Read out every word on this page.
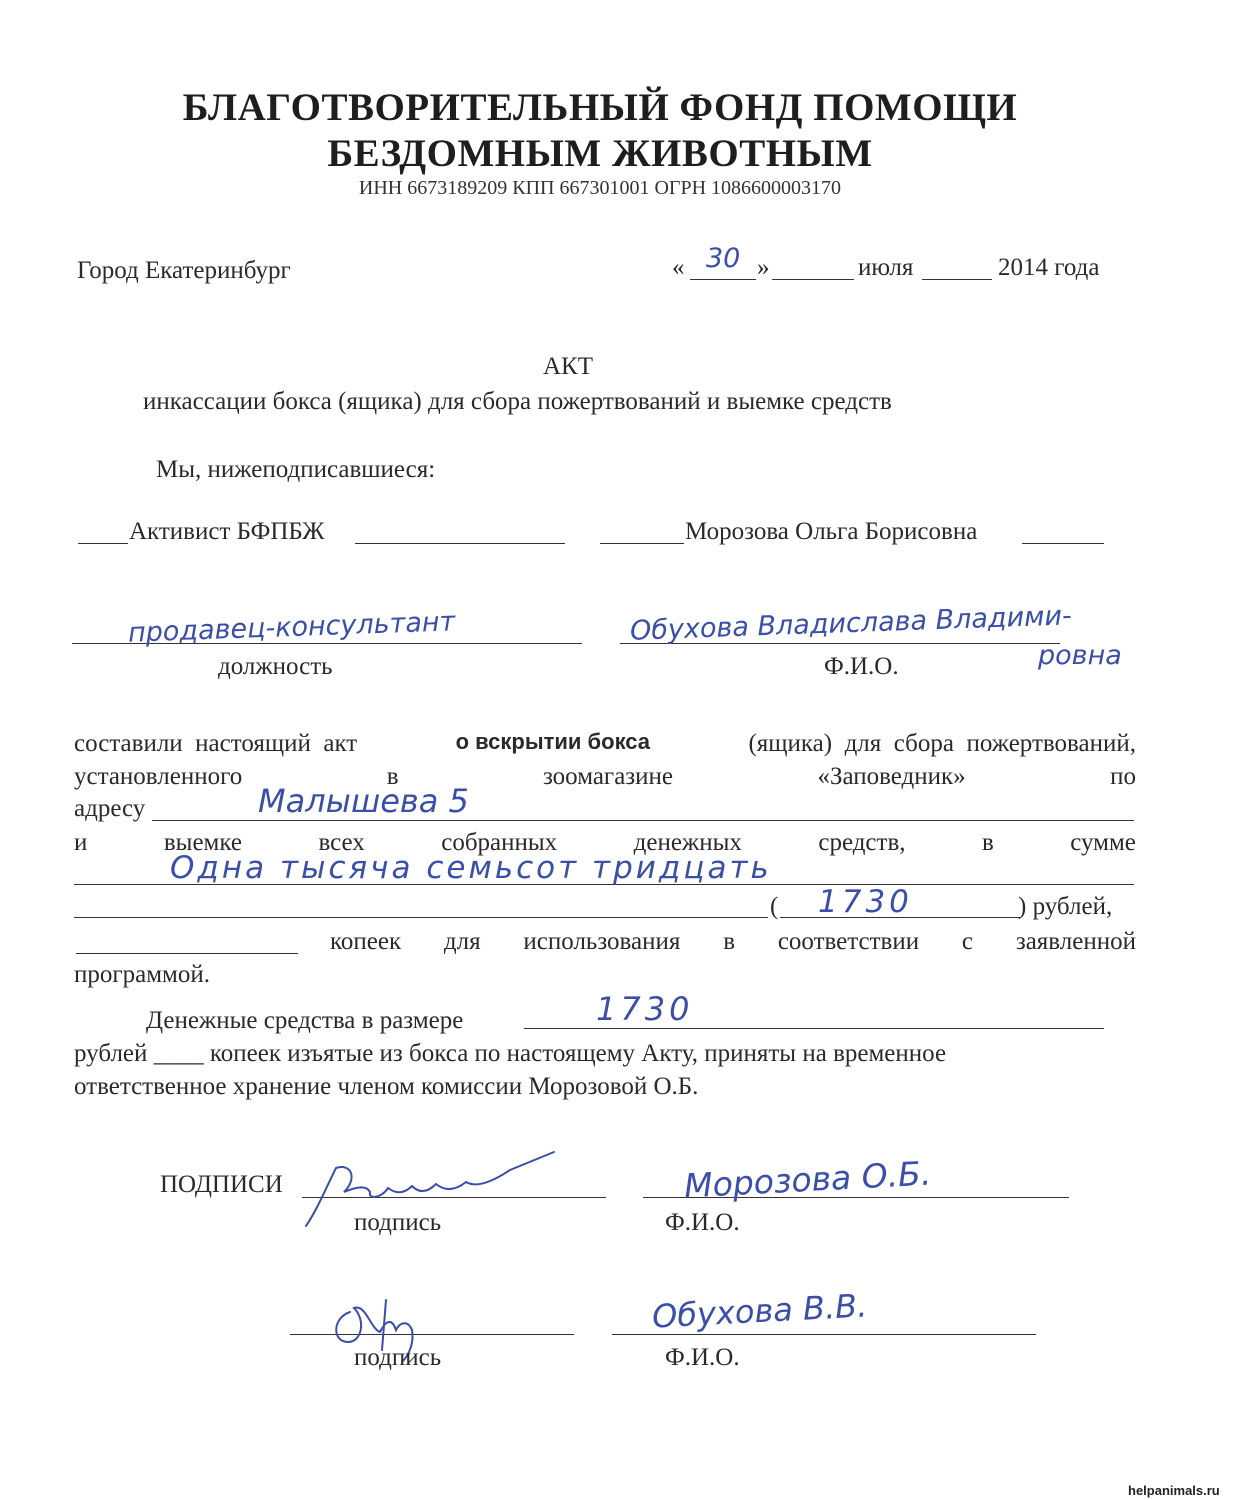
БЛАГОТВОРИТЕЛЬНЫЙ ФОНД ПОМОЩИ
БЕЗДОМНЫМ ЖИВОТНЫМ
ИНН 6673189209 КПП 667301001 ОГРН 1086600003170
Город Екатеринбург	« 30 »	июля	2014 года
АКТ
инкассации бокса (ящика) для сбора пожертвований и выемке средств
Мы, нижеподписавшиеся:
Активист БФПБЖ	Морозова Ольга Борисовна
продавец-консультант
должность
Обухова Владислава Владими-
ровна
Ф.И.О.
составили  настоящий  акт	о вскрытии бокса	(ящика)  для  сбора  пожертвований,
установленного	в	зоомагазине	«Заповедник»	по
адресу	Малышева 5
и	выемке	всех	собранных	денежных	средств,	в	сумме
Одна тысяча семьсот тридцать
( 1730	) рублей,
копеек для использования в соответствии с заявленной
программой.
Денежные средства в размере	1730
рублей ____ копеек изъятые из бокса по настоящему Акту, приняты на временное
ответственное хранение членом комиссии Морозовой О.Б.
ПОДПИСИ
подпись
Морозова О.Б.
Ф.И.О.
подпись
Обухова В.В.
Ф.И.О.
helpanimals.ru
